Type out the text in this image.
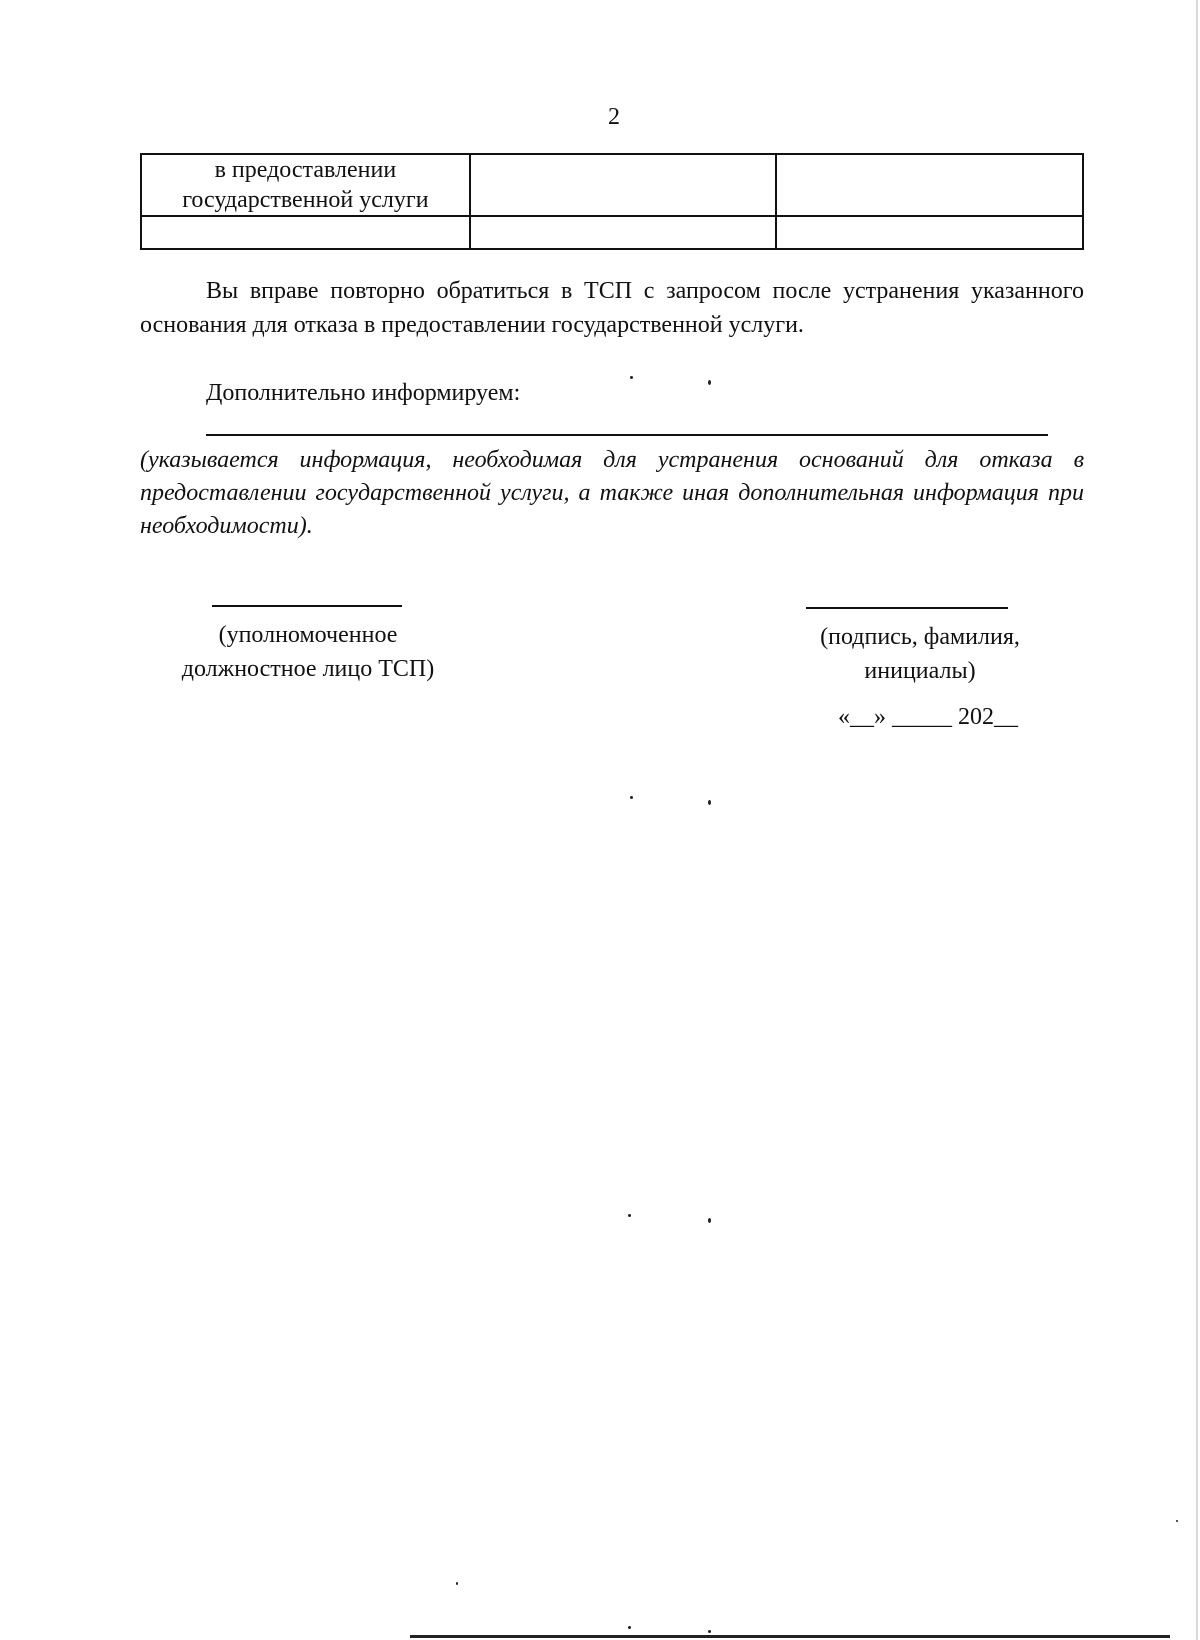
2
в предоставлении
государственной услуги		

Вы вправе повторно обратиться в ТСП с запросом после устранения указанного основания для отказа в предоставлении государственной услуги.
Дополнительно информируем:
(указывается информация, необходимая для устранения оснований для отказа в предоставлении государственной услуги, а также иная дополнительная информация при необходимости).
(уполномоченное
должностное лицо ТСП)
(подпись, фамилия,
инициалы)
«__» _____ 202__
